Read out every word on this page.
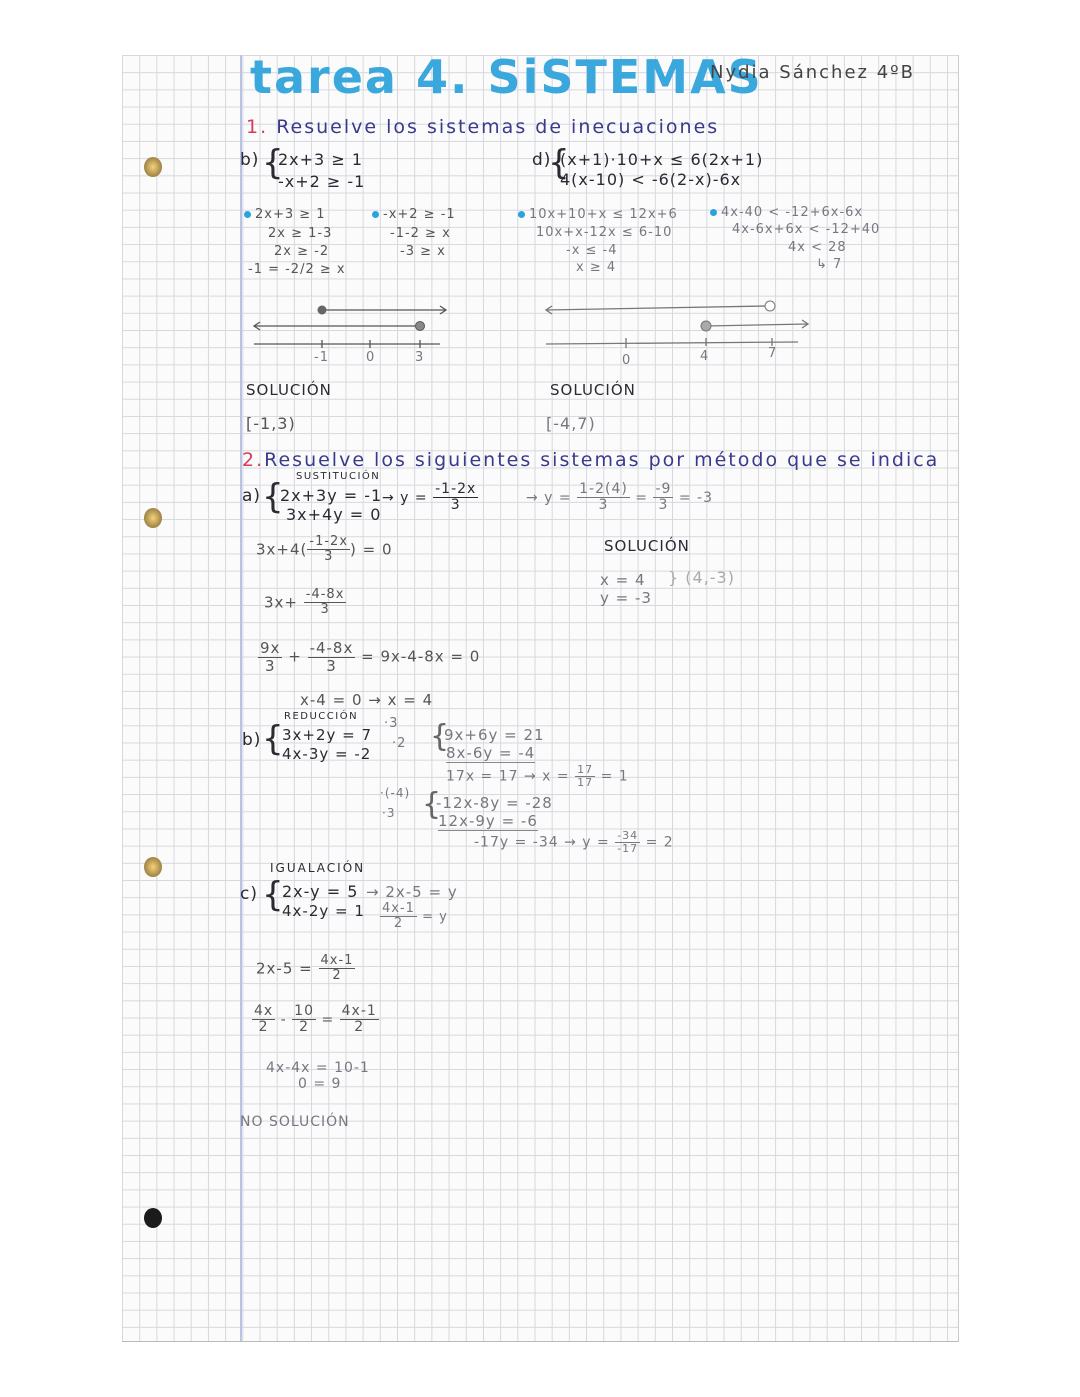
tarea 4. SiSTEMAS
Nydia Sánchez 4ºB
1. Resuelve los sistemas de inecuaciones
b) {
2x+3 ≥ 1
-x+2 ≥ -1
d)
{
(x+1)·10+x ≤ 6(2x+1)
4(x-10) < -6(2-x)-6x
2x+3 ≥ 1
2x ≥ 1-3
2x ≥ -2
-1 = -2/2 ≥ x
-x+2 ≥ -1
-1-2 ≥ x
-3 ≥ x
10x+10+x ≤ 12x+6
10x+x-12x ≤ 6-10
-x ≤ -4
x ≥ 4
4x-40 < -12+6x-6x
4x-6x+6x < -12+40
4x < 28
↳ 7
-1	0	3
SOLUCIÓN
[-1,3)
0	4	7
SOLUCIÓN
[-4,7)
2.Resuelve los siguientes sistemas por método que se indica
SUSTITUCIÓN
a) {
2x+3y = -1
3x+4y = 0
→ $y = \frac{-1-2x}{3}$	→ $y = \frac{1-2(4)}{3} = \frac{-9}{3} = -3$
$3x+4( \frac{-1-2x}{3}$ ) = 0
$3x+ \frac{-4-8x}{3}$
$\frac{9x}{3} + \frac{-4-8x}{3} = 9x-4-8x = 0$
x-4 = 0 → x = 4
SOLUCIÓN
x = 4
y = -3
} (4,-3)
REDUCCIÓN
b) {
3x+2y = 7
4x-3y = -2
·3
·2 {
9x+6y = 21
8x-6y = -4
$17x = 17 \to x = \frac{17}{17} = 1$
·(-4)
·3 {
-12x-8y = -28
12x-9y = -6
$-17y = -34 \to y = \frac{-34}{-17} = 2$
IGUALACIÓN
c) {
2x-y = 5
4x-2y = 1
→ 2x-5 = y
$\frac{4x-1}{2} = y$
$2x-5 = \frac{4x-1}{2}$
$\frac{4x}{2} - \frac{10}{2} = \frac{4x-1}{2}$
4x-4x = 10-1
0 = 9
NO SOLUCIÓN
